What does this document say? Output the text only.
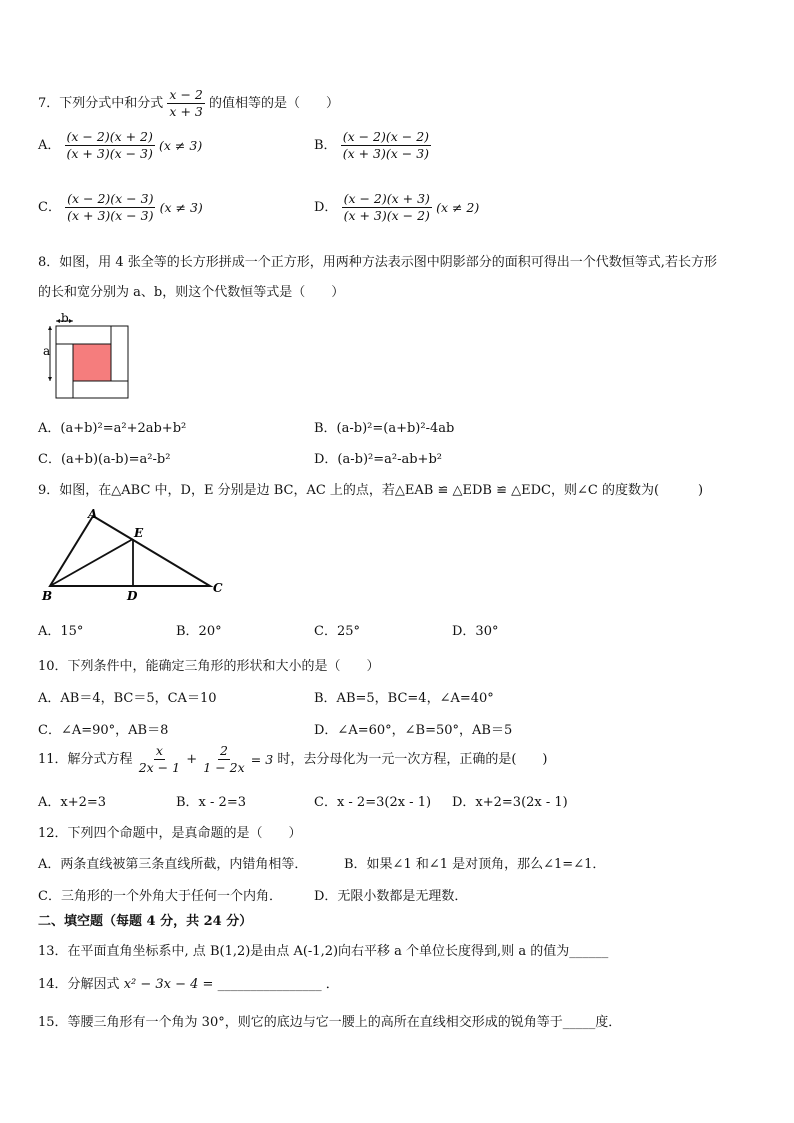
7．下列分式中和分式 $\frac{x - 2}{x + 3}$ 的值相等的是（　　）
A． $\frac{(x - 2)(x + 2)}{(x + 3)(x - 3)} (x \ne 3)$	B． $\frac{(x - 2)(x - 2)}{(x + 3)(x - 3)}$
C． $\frac{(x - 2)(x - 3)}{(x + 3)(x - 3)} (x \ne 3)$	D． $\frac{(x - 2)(x + 3)}{(x + 3)(x - 2)} (x \ne 2)$
8．如图，用 4 张全等的长方形拼成一个正方形，用两种方法表示图中阴影部分的面积可得出一个代数恒等式,若长方形
的长和宽分别为 a、b，则这个代数恒等式是（　　）
b
a
A．(a+b)²=a²+2ab+b²	B．(a-b)²=(a+b)²-4ab
C．(a+b)(a-b)=a²-b²	D．(a-b)²=a²-ab+b²
9．如图，在△ABC 中，D，E 分别是边 BC，AC 上的点，若△EAB ≌ △EDB ≌ △EDC，则∠C 的度数为(　　　)
A
B
C
D
E
A．15°	B．20°	C．25°	D．30°
10．下列条件中，能确定三角形的形状和大小的是（　　）
A．AB＝4，BC＝5，CA＝10	B．AB=5，BC=4，∠A=40°
C．∠A=90°，AB＝8	D．∠A=60°，∠B=50°，AB＝5
11．解分式方程 $\frac{x}{2x - 1} + \frac{2}{1 - 2x} = 3$ 时，去分母化为一元一次方程，正确的是(　　)
A．x+2=3	B．x - 2=3	C．x - 2=3(2x - 1) D．x+2=3(2x - 1)
12．下列四个命题中，是真命题的是（　　）
A．两条直线被第三条直线所截，内错角相等．	B．如果∠1 和∠1 是对顶角，那么∠1=∠1．
C．三角形的一个外角大于任何一个内角． D．无限小数都是无理数．
二、填空题（每题 4 分，共 24 分）
13．在平面直角坐标系中, 点 B(1,2)是由点 A(-1,2)向右平移 a 个单位长度得到,则 a 的值为______
14．分解因式 x² − 3x − 4 = ________________ ．
15．等腰三角形有一个角为 30°，则它的底边与它一腰上的高所在直线相交形成的锐角等于_____度．
